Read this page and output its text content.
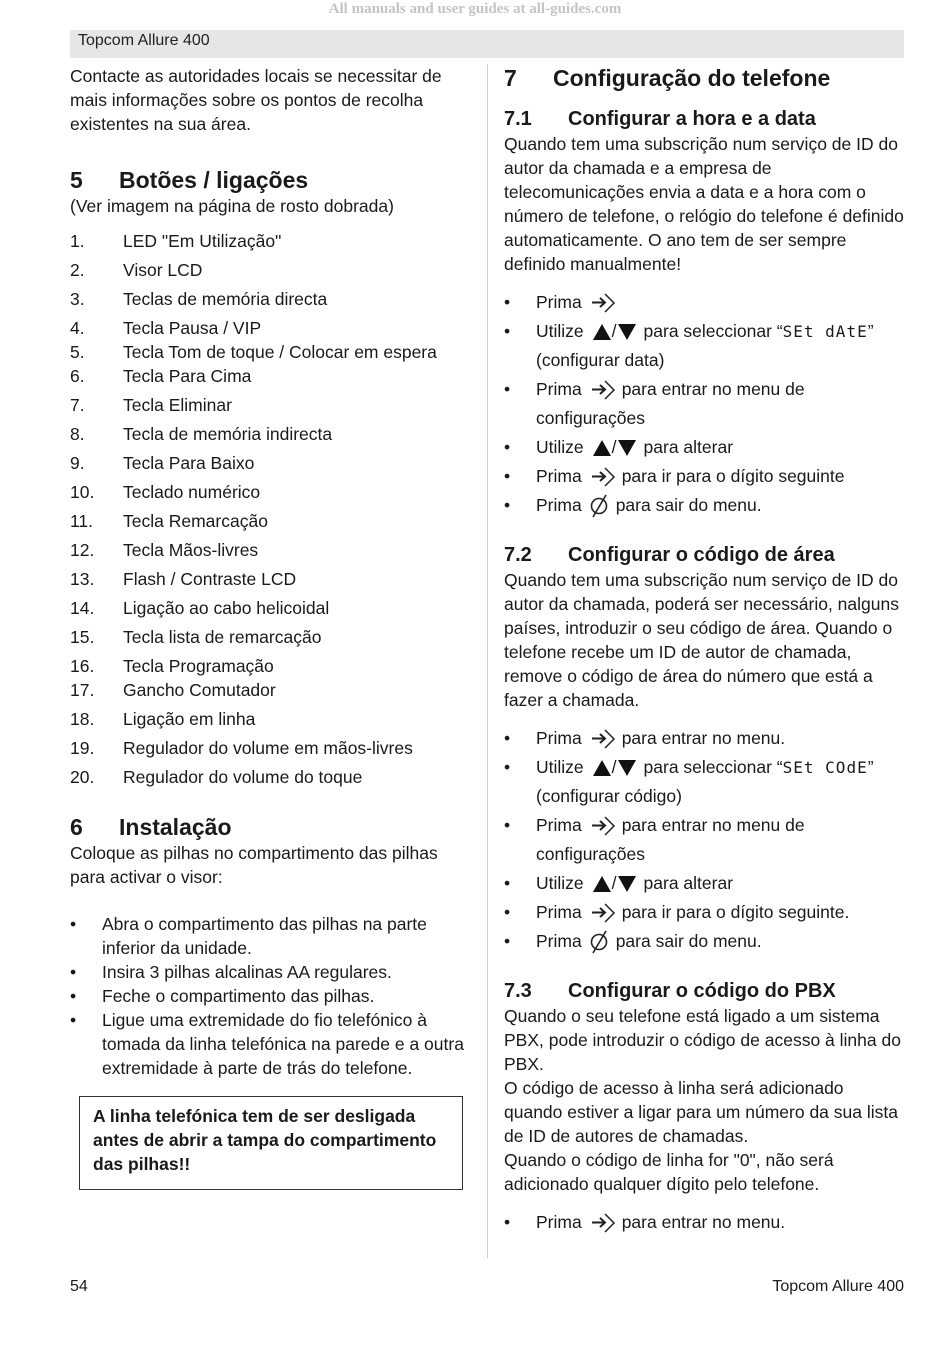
All manuals and user guides at all-guides.com
Topcom Allure 400

Contacte as autoridades locais se necessitar de mais informações sobre os pontos de recolha existentes na sua área.

5	Botões / ligações

(Ver imagem na página de rosto dobrada)

1.	LED "Em Utilização"
2.	Visor LCD
3.	Teclas de memória directa
4.	Tecla Pausa / VIP
5.	Tecla Tom de toque / Colocar em espera
6.	Tecla Para Cima
7.	Tecla Eliminar
8.	Tecla de memória indirecta
9.	Tecla Para Baixo
10.	Teclado numérico
11.	Tecla Remarcação
12.	Tecla Mãos-livres
13.	Flash / Contraste LCD
14.	Ligação ao cabo helicoidal
15.	Tecla lista de remarcação
16.	Tecla Programação
17.	Gancho Comutador
18.	Ligação em linha
19.	Regulador do volume em mãos-livres
20.	Regulador do volume do toque
6	Instalação

Coloque as pilhas no compartimento das pilhas para activar o visor:

•	Abra o compartimento das pilhas na parte inferior da unidade.
•	Insira 3 pilhas alcalinas AA regulares.
•	Feche o compartimento das pilhas.
•	Ligue uma extremidade do fio telefónico à tomada da linha telefónica na parede e a outra extremidade à parte de trás do telefone.
A linha telefónica tem de ser desligada antes de abrir a tampa do compartimento das pilhas!!
7	Configuração do telefone
7.1	Configurar a hora e a data

Quando tem uma subscrição num serviço de ID do autor da chamada e a empresa de telecomunicações envia a data e a hora com o número de telefone, o relógio do telefone é definido automaticamente. O ano tem de ser sempre definido manualmente!

•	Prima
•	Utilize / para seleccionar “SEt dAtE”
(configurar data)
•	Prima para entrar no menu de
configurações
•	Utilize / para alterar
•	Prima para ir para o dígito seguinte
•	Prima para sair do menu.
7.2	Configurar o código de área

Quando tem uma subscrição num serviço de ID do autor da chamada, poderá ser necessário, nalguns países, introduzir o seu código de área. Quando o telefone recebe um ID de autor de chamada, remove o código de área do número que está a fazer a chamada.

•	Prima para entrar no menu.
•	Utilize / para seleccionar “SEt COdE”
(configurar código)
•	Prima para entrar no menu de
configurações
•	Utilize / para alterar
•	Prima para ir para o dígito seguinte.
•	Prima para sair do menu.
7.3	Configurar o código do PBX

Quando o seu telefone está ligado a um sistema PBX, pode introduzir o código de acesso à linha do PBX.

O código de acesso à linha será adicionado quando estiver a ligar para um número da sua lista de ID de autores de chamadas.

Quando o código de linha for "0", não será adicionado qualquer dígito pelo telefone.

•	Prima para entrar no menu.
54	Topcom Allure 400
